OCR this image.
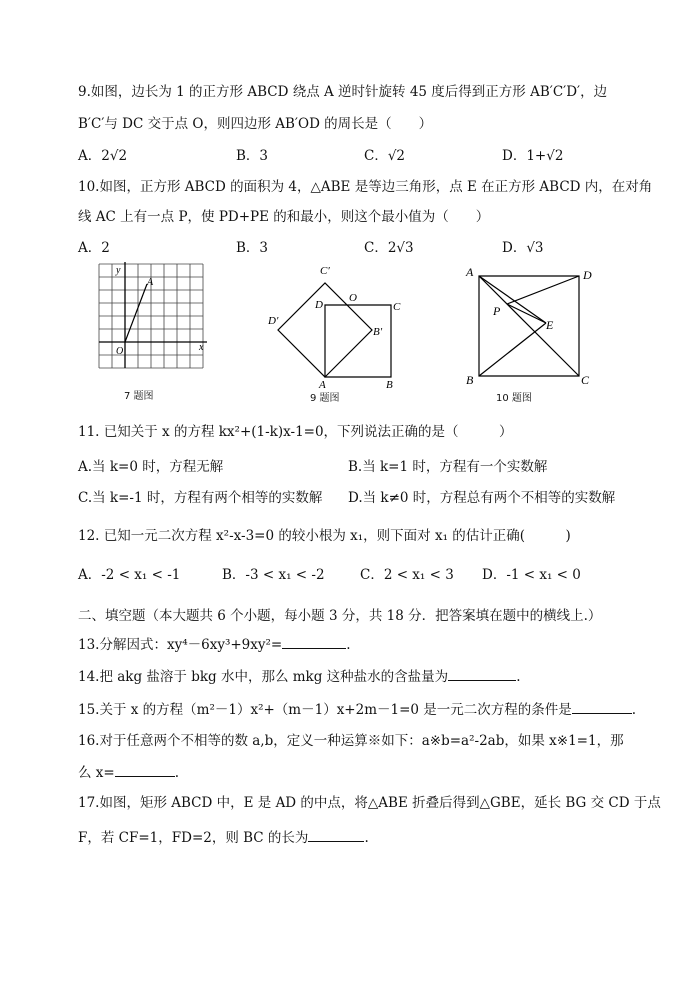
9.如图，边长为 1 的正方形 ABCD 绕点 A 逆时针旋转 45 度后得到正方形 AB′C′D′，边
B′C′与 DC 交于点 O，则四边形 AB′OD 的周长是（　　）
A．2√2	B．3	C．√2	D．1+√2
10.如图，正方形 ABCD 的面积为 4，△ABE 是等边三角形，点 E 在正方形 ABCD 内，在对角
线 AC 上有一点 P，使 PD+PE 的和最小，则这个最小值为（　　）
A．2	B．3	C．2√3	D．√3
y
x
O
A
7 题图
C′
D
O
C
D′
B′
A	B
9 题图
A	D
P
E
B	C
10 题图
11. 已知关于 x 的方程 kx²+(1-k)x-1=0，下列说法正确的是（　　　）
A.当 k=0 时，方程无解	B.当 k=1 时，方程有一个实数解
C.当 k=-1 时，方程有两个相等的实数解 D.当 k≠0 时，方程总有两个不相等的实数解
12. 已知一元二次方程 x²-x-3=0 的较小根为 x₁，则下面对 x₁ 的估计正确(　　　)
A．-2 < x₁ < -1	B．-3 < x₁ < -2	C．2 < x₁ < 3 D．-1 < x₁ < 0
二、填空题（本大题共 6 个小题，每小题 3 分，共 18 分．把答案填在题中的横线上.）
13.分解因式：xy⁴－6xy³+9xy²=	.
14.把 akg 盐溶于 bkg 水中，那么 mkg 这种盐水的含盐量为	.
15.关于 x 的方程（m²－1）x²+（m－1）x+2m－1=0 是一元二次方程的条件是	.
16.对于任意两个不相等的数 a,b，定义一种运算※如下：a※b=a²-2ab，如果 x※1=1，那
么 x=	.
17.如图，矩形 ABCD 中，E 是 AD 的中点，将△ABE 折叠后得到△GBE，延长 BG 交 CD 于点
F，若 CF=1，FD=2，则 BC 的长为	.
